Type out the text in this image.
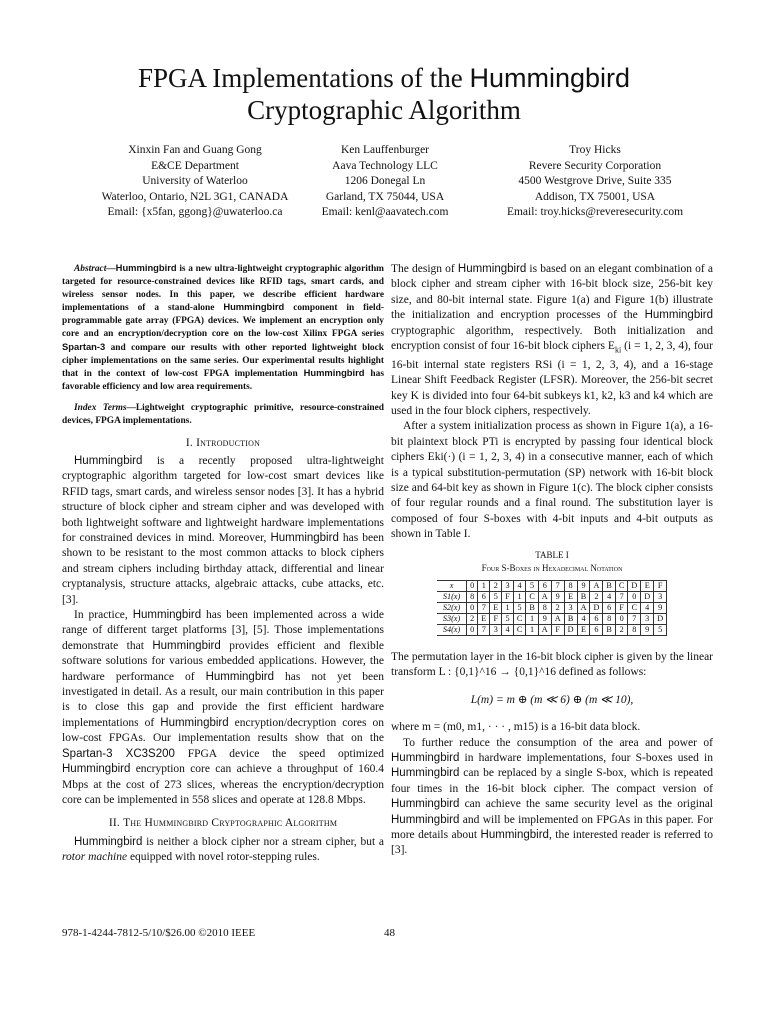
FPGA Implementations of the Hummingbird
Cryptographic Algorithm
Xinxin Fan and Guang Gong
E&CE Department
University of Waterloo
Waterloo, Ontario, N2L 3G1, CANADA
Email: {x5fan, ggong}@uwaterloo.ca
Ken Lauffenburger
Aava Technology LLC
1206 Donegal Ln
Garland, TX 75044, USA
Email: kenl@aavatech.com
Troy Hicks
Revere Security Corporation
4500 Westgrove Drive, Suite 335
Addison, TX 75001, USA
Email: troy.hicks@reveresecurity.com

Abstract—Hummingbird is a new ultra-lightweight cryptographic algorithm targeted for resource-constrained devices like RFID tags, smart cards, and wireless sensor nodes. In this paper, we describe efficient hardware implementations of a stand-alone Hummingbird component in field-programmable gate array (FPGA) devices. We implement an encryption only core and an encryption/decryption core on the low-cost Xilinx FPGA series Spartan-3 and compare our results with other reported lightweight block cipher implementations on the same series. Our experimental results highlight that in the context of low-cost FPGA implementation Hummingbird has favorable efficiency and low area requirements.

Index Terms—Lightweight cryptographic primitive, resource-constrained devices, FPGA implementations.

I. Introduction

Hummingbird is a recently proposed ultra-lightweight cryptographic algorithm targeted for low-cost smart devices like RFID tags, smart cards, and wireless sensor nodes [3]. It has a hybrid structure of block cipher and stream cipher and was developed with both lightweight software and lightweight hardware implementations for constrained devices in mind. Moreover, Hummingbird has been shown to be resistant to the most common attacks to block ciphers and stream ciphers including birthday attack, differential and linear cryptanalysis, structure attacks, algebraic attacks, cube attacks, etc. [3].

In practice, Hummingbird has been implemented across a wide range of different target platforms [3], [5]. Those implementations demonstrate that Hummingbird provides efficient and flexible software solutions for various embedded applications. However, the hardware performance of Hummingbird has not yet been investigated in detail. As a result, our main contribution in this paper is to close this gap and provide the first efficient hardware implementations of Hummingbird encryption/decryption cores on low-cost FPGAs. Our implementation results show that on the Spartan-3 XC3S200 FPGA device the speed optimized Hummingbird encryption core can achieve a throughput of 160.4 Mbps at the cost of 273 slices, whereas the encryption/decryption core can be implemented in 558 slices and operate at 128.8 Mbps.

II. The Hummingbird Cryptographic Algorithm

Hummingbird is neither a block cipher nor a stream cipher, but a rotor machine equipped with novel rotor-stepping rules.

The design of Hummingbird is based on an elegant combination of a block cipher and stream cipher with 16-bit block size, 256-bit key size, and 80-bit internal state. Figure 1(a) and Figure 1(b) illustrate the initialization and encryption processes of the Hummingbird cryptographic algorithm, respectively. Both initialization and encryption consist of four 16-bit block ciphers $E_{ki}$ (i = 1, 2, 3, 4), four 16-bit internal state registers RSi (i = 1, 2, 3, 4), and a 16-stage Linear Shift Feedback Register (LFSR). Moreover, the 256-bit secret key K is divided into four 64-bit subkeys k1, k2, k3 and k4 which are used in the four block ciphers, respectively.

After a system initialization process as shown in Figure 1(a), a 16-bit plaintext block PTi is encrypted by passing four identical block ciphers Eki(·) (i = 1, 2, 3, 4) in a consecutive manner, each of which is a typical substitution-permutation (SP) network with 16-bit block size and 64-bit key as shown in Figure 1(c). The block cipher consists of four regular rounds and a final round. The substitution layer is composed of four S-boxes with 4-bit inputs and 4-bit outputs as shown in Table I.

TABLE I
Four S-Boxes in Hexadecimal Notation
x	0	1	2	3	4	5	6	7	8	9	A	B	C	D	E	F
S1(x)	8	6	5	F	1	C	A	9	E	B	2	4	7	0	D	3
S2(x)	0	7	E	1	5	B	8	2	3	A	D	6	F	C	4	9
S3(x)	2	E	F	5	C	1	9	A	B	4	6	8	0	7	3	D
S4(x)	0	7	3	4	C	1	A	F	D	E	6	B	2	8	9	5

The permutation layer in the 16-bit block cipher is given by the linear transform L : {0,1}^16 → {0,1}^16 defined as follows:

L(m) = m ⊕ (m ≪ 6) ⊕ (m ≪ 10),

where m = (m0, m1, · · · , m15) is a 16-bit data block.

To further reduce the consumption of the area and power of Hummingbird in hardware implementations, four S-boxes used in Hummingbird can be replaced by a single S-box, which is repeated four times in the 16-bit block cipher. The compact version of Hummingbird can achieve the same security level as the original Hummingbird and will be implemented on FPGAs in this paper. For more details about Hummingbird, the interested reader is referred to [3].

978-1-4244-7812-5/10/$26.00 ©2010 IEEE	48
